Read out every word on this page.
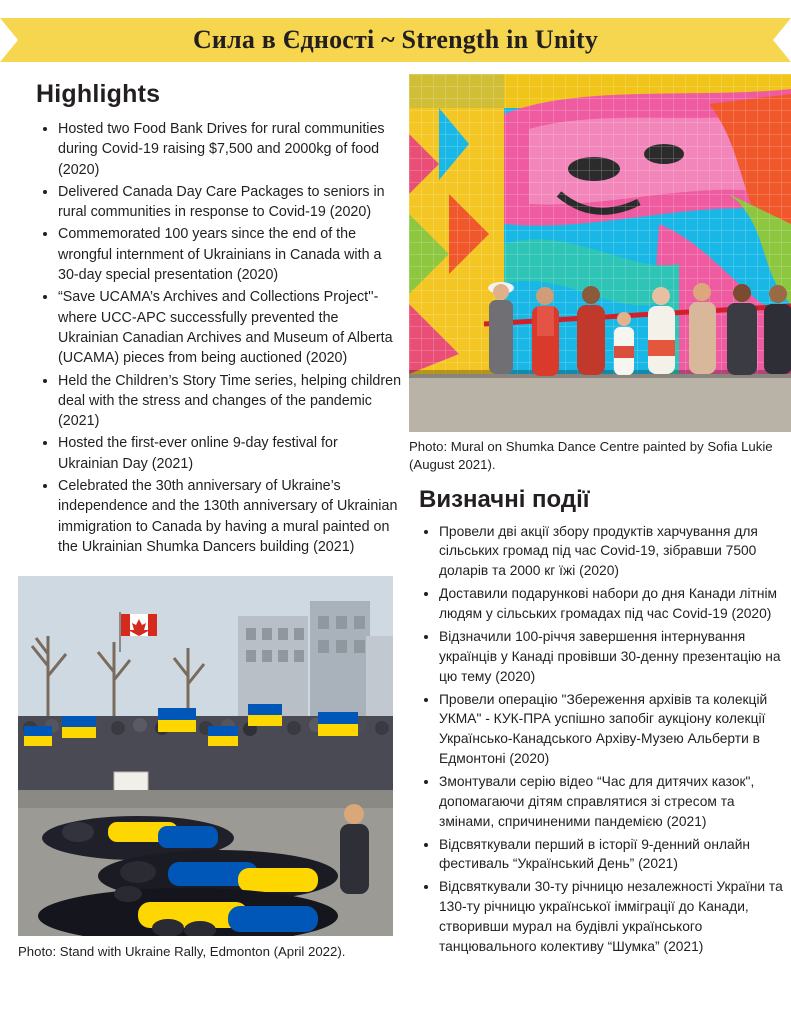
Сила в Єдності ~ Strength in Unity
Highlights
• Hosted two Food Bank Drives for rural communities during Covid-19 raising $7,500 and 2000kg of food (2020)
• Delivered Canada Day Care Packages to seniors in rural communities in response to Covid-19 (2020)
• Commemorated 100 years since the end of the wrongful internment of Ukrainians in Canada with a 30-day special presentation (2020)
• “Save UCAMA’s Archives and Collections Project''- where UCC-APC successfully prevented the Ukrainian Canadian Archives and Museum of Alberta (UCAMA) pieces from being auctioned (2020)
• Held the Children’s Story Time series, helping children deal with the stress and changes of the pandemic (2021)
• Hosted the first-ever online 9-day festival for Ukrainian Day (2021)
• Celebrated the 30th anniversary of Ukraine’s independence and the 130th anniversary of Ukrainian immigration to Canada by having a mural painted on the Ukrainian Shumka Dancers building (2021)
Photo: Mural on Shumka Dance Centre painted by Sofia Lukie (August 2021).
Визначні події
• Провели дві акції збору продуктів харчування для сільських громад під час Covid-19, зібравши 7500 доларів та 2000 кг їжі (2020)
• Доставили подарункові набори до дня Канади літнім людям у сільських громадах під час Covid-19 (2020)
• Відзначили 100-річчя завершення інтернування українців у Канаді провівши 30-денну презентацію на цю тему (2020)
• Провели операцію "Збереження архівів та колекцій УКМА" - КУК-ПРА успішно запобіг аукціону колекції Українсько-Канадського Архіву-Музею Альберти в Едмонтоні (2020)
• Змонтували серію відео “Час для дитячих казок", допомагаючи дітям справлятися зі стресом та змінами, спричиненими пандемією (2021)
• Відсвяткували перший в історії 9-денний онлайн фестиваль “Український День” (2021)
• Відсвяткували 30-ту річницю незалежності України та 130-ту річницю української імміграції до Канади, створивши мурал на будівлі українського танцювального колективу “Шумка” (2021)
Photo: Stand with Ukraine Rally, Edmonton (April 2022).
